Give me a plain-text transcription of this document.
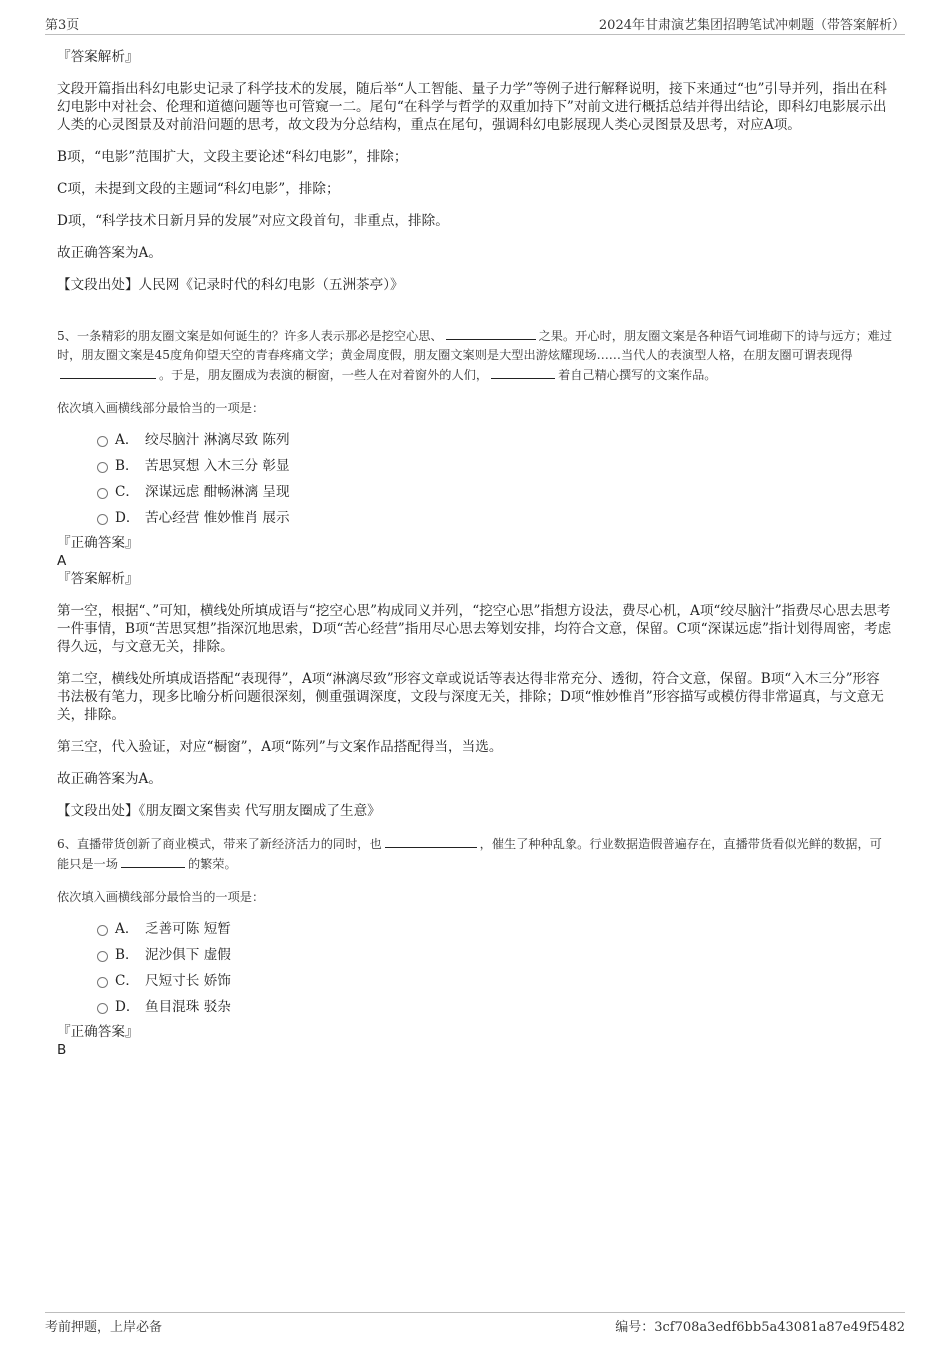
第3页	2024年甘肃演艺集团招聘笔试冲刺题（带答案解析）

『答案解析』

文段开篇指出科幻电影史记录了科学技术的发展，随后举“人工智能、量子力学”等例子进行解释说明，接下来通过“也”引导并列，指出在科幻电影中对社会、伦理和道德问题等也可管窥一二。尾句“在科学与哲学的双重加持下”对前文进行概括总结并得出结论，即科幻电影展示出人类的心灵图景及对前沿问题的思考，故文段为分总结构，重点在尾句，强调科幻电影展现人类心灵图景及思考，对应A项。

B项，“电影”范围扩大，文段主要论述“科幻电影”，排除；

C项，未提到文段的主题词“科幻电影”，排除；

D项，“科学技术日新月异的发展”对应文段首句，非重点，排除。

故正确答案为A。

【文段出处】人民网《记录时代的科幻电影（五洲茶亭）》

5、一条精彩的朋友圈文案是如何诞生的？许多人表示那必是挖空心思、	之果。开心时，朋友圈文案是各种语气词堆砌下的诗与远方；难过时，朋友圈文案是45度角仰望天空的青春疼痛文学；黄金周度假，朋友圈文案则是大型出游炫耀现场……当代人的表演型人格，在朋友圈可谓表现得。于是，朋友圈成为表演的橱窗，一些人在对着窗外的人们，	着自己精心撰写的文案作品。

依次填入画横线部分最恰当的一项是：

A． 绞尽脑汁 淋漓尽致 陈列
B． 苦思冥想 入木三分 彰显
C． 深谋远虑 酣畅淋漓 呈现
D． 苦心经营 惟妙惟肖 展示

『正确答案』

A

『答案解析』

第一空，根据“、”可知，横线处所填成语与“挖空心思”构成同义并列，“挖空心思”指想方设法，费尽心机，A项“绞尽脑汁”指费尽心思去思考一件事情，B项“苦思冥想”指深沉地思索，D项“苦心经营”指用尽心思去筹划安排，均符合文意，保留。C项“深谋远虑”指计划得周密，考虑得久远，与文意无关，排除。

第二空，横线处所填成语搭配“表现得”，A项“淋漓尽致”形容文章或说话等表达得非常充分、透彻，符合文意，保留。B项“入木三分”形容书法极有笔力，现多比喻分析问题很深刻，侧重强调深度，文段与深度无关，排除；D项“惟妙惟肖”形容描写或模仿得非常逼真，与文意无关，排除。

第三空，代入验证，对应“橱窗”，A项“陈列”与文案作品搭配得当，当选。

故正确答案为A。

【文段出处】《朋友圈文案售卖 代写朋友圈成了生意》

6、直播带货创新了商业模式，带来了新经济活力的同时，也	，催生了种种乱象。行业数据造假普遍存在，直播带货看似光鲜的数据，可能只是一场	的繁荣。

依次填入画横线部分最恰当的一项是：

A． 乏善可陈 短暂
B． 泥沙俱下 虚假
C． 尺短寸长 娇饰
D． 鱼目混珠 驳杂

『正确答案』

B

考前押题，上岸必备	编号：3cf708a3edf6bb5a43081a87e49f5482
